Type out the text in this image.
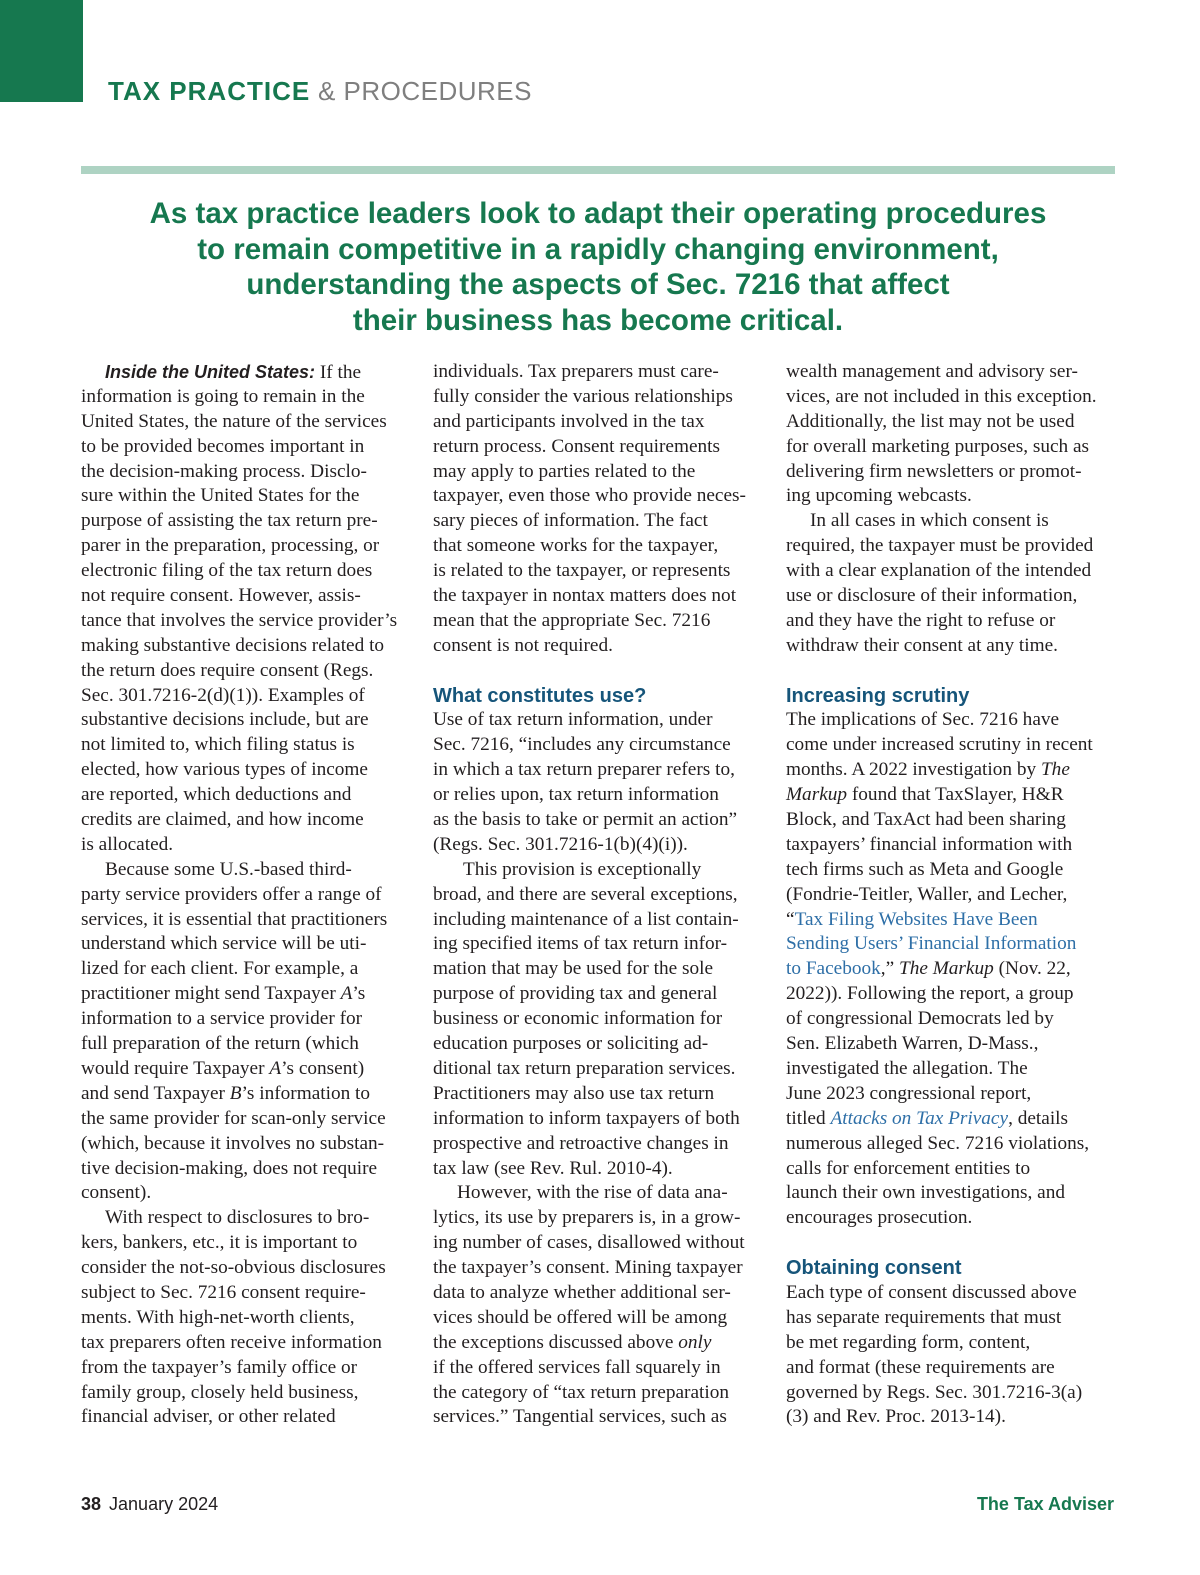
TAX PRACTICE & PROCEDURES
As tax practice leaders look to adapt their operating procedures
to remain competitive in a rapidly changing environment,
understanding the aspects of Sec. 7216 that affect
their business has become critical.
Inside the United States: If the
information is going to remain in the
United States, the nature of the services
to be provided becomes important in
the decision-making process. Disclo-
sure within the United States for the
purpose of assisting the tax return pre-
parer in the preparation, processing, or
electronic filing of the tax return does
not require consent. However, assis-
tance that involves the service provider’s
making substantive decisions related to
the return does require consent (Regs.
Sec. 301.7216-2(d)(1)). Examples of
substantive decisions include, but are
not limited to, which filing status is
elected, how various types of income
are reported, which deductions and
credits are claimed, and how income
is allocated.
Because some U.S.-based third-
party service providers offer a range of
services, it is essential that practitioners
understand which service will be uti-
lized for each client. For example, a
practitioner might send Taxpayer A’s
information to a service provider for
full preparation of the return (which
would require Taxpayer A’s consent)
and send Taxpayer B’s information to
the same provider for scan-only service
(which, because it involves no substan-
tive decision-making, does not require
consent).
With respect to disclosures to bro-
kers, bankers, etc., it is important to
consider the not-so-obvious disclosures
subject to Sec. 7216 consent require-
ments. With high-net-worth clients,
tax preparers often receive information
from the taxpayer’s family office or
family group, closely held business,
financial adviser, or other related
individuals. Tax preparers must care-
fully consider the various relationships
and participants involved in the tax
return process. Consent requirements
may apply to parties related to the
taxpayer, even those who provide neces-
sary pieces of information. The fact
that someone works for the taxpayer,
is related to the taxpayer, or represents
the taxpayer in nontax matters does not
mean that the appropriate Sec. 7216
consent is not required.
What constitutes use?
Use of tax return information, under
Sec. 7216, “includes any circumstance
in which a tax return preparer refers to,
or relies upon, tax return information
as the basis to take or permit an action”
(Regs. Sec. 301.7216-1(b)(4)(i)).
This provision is exceptionally
broad, and there are several exceptions,
including maintenance of a list contain-
ing specified items of tax return infor-
mation that may be used for the sole
purpose of providing tax and general
business or economic information for
education purposes or soliciting ad-
ditional tax return preparation services.
Practitioners may also use tax return
information to inform taxpayers of both
prospective and retroactive changes in
tax law (see Rev. Rul. 2010-4).
However, with the rise of data ana-
lytics, its use by preparers is, in a grow-
ing number of cases, disallowed without
the taxpayer’s consent. Mining taxpayer
data to analyze whether additional ser-
vices should be offered will be among
the exceptions discussed above only
if the offered services fall squarely in
the category of “tax return preparation
services.” Tangential services, such as
wealth management and advisory ser-
vices, are not included in this exception.
Additionally, the list may not be used
for overall marketing purposes, such as
delivering firm newsletters or promot-
ing upcoming webcasts.
In all cases in which consent is
required, the taxpayer must be provided
with a clear explanation of the intended
use or disclosure of their information,
and they have the right to refuse or
withdraw their consent at any time.
Increasing scrutiny
The implications of Sec. 7216 have
come under increased scrutiny in recent
months. A 2022 investigation by The
Markup found that TaxSlayer, H&R
Block, and TaxAct had been sharing
taxpayers’ financial information with
tech firms such as Meta and Google
(Fondrie-Teitler, Waller, and Lecher,
“Tax Filing Websites Have Been
Sending Users’ Financial Information
to Facebook,” The Markup (Nov. 22,
2022)). Following the report, a group
of congressional Democrats led by
Sen. Elizabeth Warren, D-Mass.,
investigated the allegation. The
June 2023 congressional report,
titled Attacks on Tax Privacy, details
numerous alleged Sec. 7216 violations,
calls for enforcement entities to
launch their own investigations, and
encourages prosecution.
Obtaining consent
Each type of consent discussed above
has separate requirements that must
be met regarding form, content,
and format (these requirements are
governed by Regs. Sec. 301.7216-3(a)
(3) and Rev. Proc. 2013-14).
38 January 2024	The Tax Adviser
